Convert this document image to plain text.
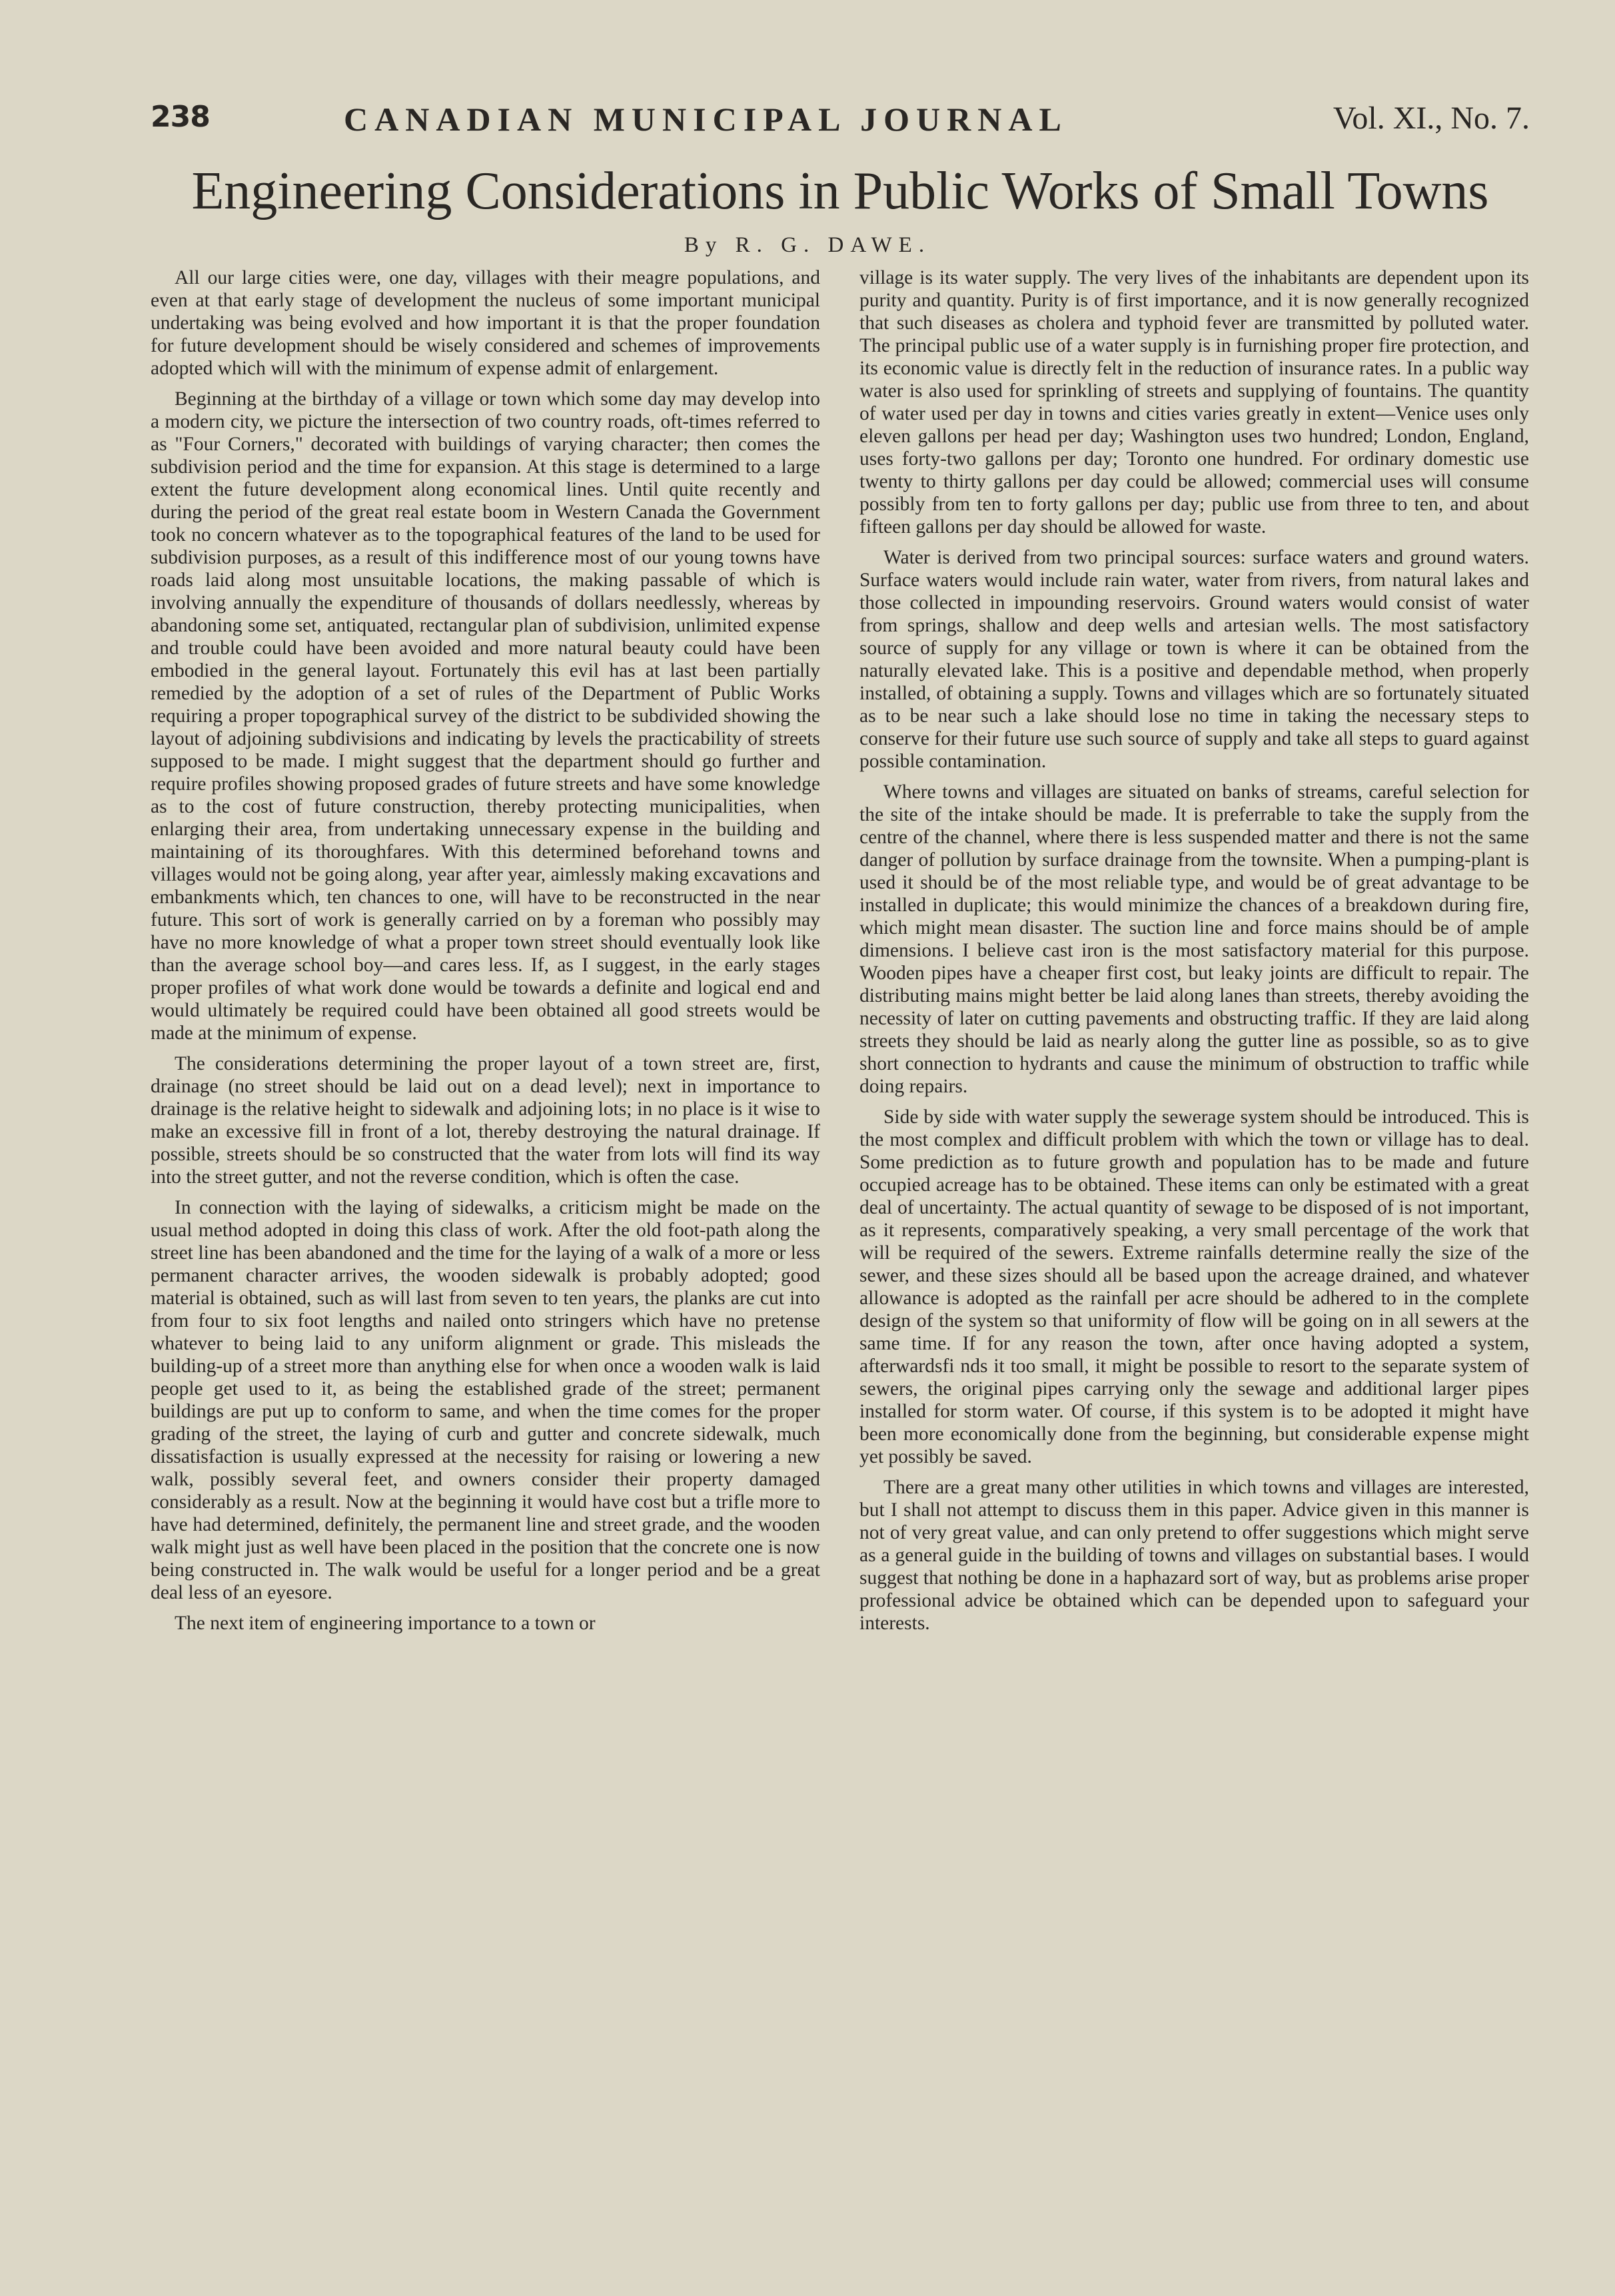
238	CANADIAN MUNICIPAL JOURNAL	Vol. XI., No. 7.
Engineering Considerations in Public Works of Small Towns
By R. G. DAWE.

All our large cities were, one day, villages with their meagre populations, and even at that early stage of development the nucleus of some important municipal undertaking was being evolved and how important it is that the proper foundation for future development should be wisely considered and schemes of improvements adopted which will with the minimum of expense admit of enlargement.

Beginning at the birthday of a village or town which some day may develop into a modern city, we picture the intersection of two country roads, oft-times referred to as "Four Corners," decorated with buildings of varying character; then comes the subdivision period and the time for expansion. At this stage is determined to a large extent the future development along economical lines. Until quite recently and during the period of the great real estate boom in Western Canada the Government took no concern whatever as to the topographical features of the land to be used for subdivision purposes, as a result of this indifference most of our young towns have roads laid along most unsuitable locations, the making passable of which is involving annually the expenditure of thousands of dollars needlessly, whereas by abandoning some set, antiquated, rectangular plan of subdivision, unlimited expense and trouble could have been avoided and more natural beauty could have been embodied in the general layout. Fortunately this evil has at last been partially remedied by the adoption of a set of rules of the Department of Public Works requiring a proper topographical survey of the district to be subdivided showing the layout of adjoining subdivisions and indicating by levels the practicability of streets supposed to be made. I might suggest that the department should go further and require profiles showing proposed grades of future streets and have some knowledge as to the cost of future construction, thereby protecting municipalities, when enlarging their area, from undertaking unnecessary expense in the building and maintaining of its thoroughfares. With this determined beforehand towns and villages would not be going along, year after year, aimlessly making excavations and embankments which, ten chances to one, will have to be reconstructed in the near future. This sort of work is generally carried on by a foreman who possibly may have no more knowledge of what a proper town street should eventually look like than the average school boy—and cares less. If, as I suggest, in the early stages proper profiles of what work done would be towards a definite and logical end and would ultimately be required could have been obtained all good streets would be made at the minimum of expense.

The considerations determining the proper layout of a town street are, first, drainage (no street should be laid out on a dead level); next in importance to drainage is the relative height to sidewalk and adjoining lots; in no place is it wise to make an excessive fill in front of a lot, thereby destroying the natural drainage. If possible, streets should be so constructed that the water from lots will find its way into the street gutter, and not the reverse condition, which is often the case.

In connection with the laying of sidewalks, a criticism might be made on the usual method adopted in doing this class of work. After the old foot-path along the street line has been abandoned and the time for the laying of a walk of a more or less permanent character arrives, the wooden sidewalk is probably adopted; good material is obtained, such as will last from seven to ten years, the planks are cut into from four to six foot lengths and nailed onto stringers which have no pretense whatever to being laid to any uniform alignment or grade. This misleads the building-up of a street more than anything else for when once a wooden walk is laid people get used to it, as being the established grade of the street; permanent buildings are put up to conform to same, and when the time comes for the proper grading of the street, the laying of curb and gutter and concrete sidewalk, much dissatisfaction is usually expressed at the necessity for raising or lowering a new walk, possibly several feet, and owners consider their property damaged considerably as a result. Now at the beginning it would have cost but a trifle more to have had determined, definitely, the permanent line and street grade, and the wooden walk might just as well have been placed in the position that the concrete one is now being constructed in. The walk would be useful for a longer period and be a great deal less of an eyesore.

The next item of engineering importance to a town or

village is its water supply. The very lives of the inhabitants are dependent upon its purity and quantity. Purity is of first importance, and it is now generally recognized that such diseases as cholera and typhoid fever are transmitted by polluted water. The principal public use of a water supply is in furnishing proper fire protection, and its economic value is directly felt in the reduction of insurance rates. In a public way water is also used for sprinkling of streets and supplying of fountains. The quantity of water used per day in towns and cities varies greatly in extent—Venice uses only eleven gallons per head per day; Washington uses two hundred; London, England, uses forty-two gallons per day; Toronto one hundred. For ordinary domestic use twenty to thirty gallons per day could be allowed; commercial uses will consume possibly from ten to forty gallons per day; public use from three to ten, and about fifteen gallons per day should be allowed for waste.

Water is derived from two principal sources: surface waters and ground waters. Surface waters would include rain water, water from rivers, from natural lakes and those collected in impounding reservoirs. Ground waters would consist of water from springs, shallow and deep wells and artesian wells. The most satisfactory source of supply for any village or town is where it can be obtained from the naturally elevated lake. This is a positive and dependable method, when properly installed, of obtaining a supply. Towns and villages which are so fortunately situated as to be near such a lake should lose no time in taking the necessary steps to conserve for their future use such source of supply and take all steps to guard against possible contamination.

Where towns and villages are situated on banks of streams, careful selection for the site of the intake should be made. It is preferrable to take the supply from the centre of the channel, where there is less suspended matter and there is not the same danger of pollution by surface drainage from the townsite. When a pumping-plant is used it should be of the most reliable type, and would be of great advantage to be installed in duplicate; this would minimize the chances of a breakdown during fire, which might mean disaster. The suction line and force mains should be of ample dimensions. I believe cast iron is the most satisfactory material for this purpose. Wooden pipes have a cheaper first cost, but leaky joints are difficult to repair. The distributing mains might better be laid along lanes than streets, thereby avoiding the necessity of later on cutting pavements and obstructing traffic. If they are laid along streets they should be laid as nearly along the gutter line as possible, so as to give short connection to hydrants and cause the minimum of obstruction to traffic while doing repairs.

Side by side with water supply the sewerage system should be introduced. This is the most complex and difficult problem with which the town or village has to deal. Some prediction as to future growth and population has to be made and future occupied acreage has to be obtained. These items can only be estimated with a great deal of uncertainty. The actual quantity of sewage to be disposed of is not important, as it represents, comparatively speaking, a very small percentage of the work that will be required of the sewers. Extreme rainfalls determine really the size of the sewer, and these sizes should all be based upon the acreage drained, and whatever allowance is adopted as the rainfall per acre should be adhered to in the complete design of the system so that uniformity of flow will be going on in all sewers at the same time. If for any reason the town, after once having adopted a system, afterwardsfi nds it too small, it might be possible to resort to the separate system of sewers, the original pipes carrying only the sewage and additional larger pipes installed for storm water. Of course, if this system is to be adopted it might have been more economically done from the beginning, but considerable expense might yet possibly be saved.

There are a great many other utilities in which towns and villages are interested, but I shall not attempt to discuss them in this paper. Advice given in this manner is not of very great value, and can only pretend to offer suggestions which might serve as a general guide in the building of towns and villages on substantial bases. I would suggest that nothing be done in a haphazard sort of way, but as problems arise proper professional advice be obtained which can be depended upon to safeguard your interests.
